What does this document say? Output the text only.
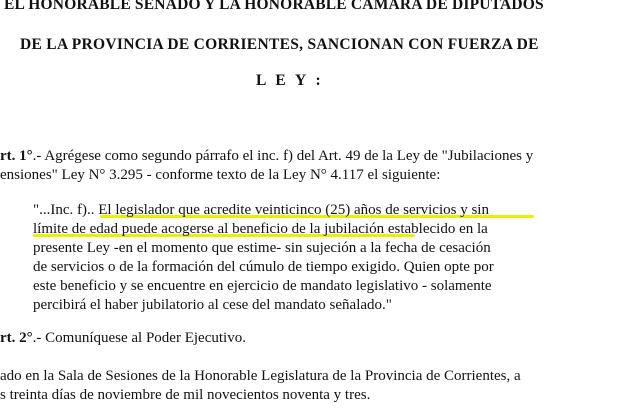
EL HONORABLE SENADO Y LA HONORABLE CAMARA DE DIPUTADOS
DE LA PROVINCIA DE CORRIENTES, SANCIONAN CON FUERZA DE
L E Y :
rt. 1°.- Agrégese como segundo párrafo el inc. f) del Art. 49 de la Ley de "Jubilaciones y
ensiones" Ley N° 3.295 - conforme texto de la Ley N° 4.117 el siguiente:
"...Inc. f).. El legislador que acredite veinticinco (25) años de servicios y sin
límite de edad puede acogerse al beneficio de la jubilación establecido en la
presente Ley -en el momento que estime- sin sujeción a la fecha de cesación
de servicios o de la formación del cúmulo de tiempo exigido. Quien opte por
este beneficio y se encuentre en ejercicio de mandato legislativo - solamente
percibirá el haber jubilatorio al cese del mandato señalado."
rt. 2°.- Comuníquese al Poder Ejecutivo.
ado en la Sala de Sesiones de la Honorable Legislatura de la Provincia de Corrientes, a
s treinta días de noviembre de mil novecientos noventa y tres.
